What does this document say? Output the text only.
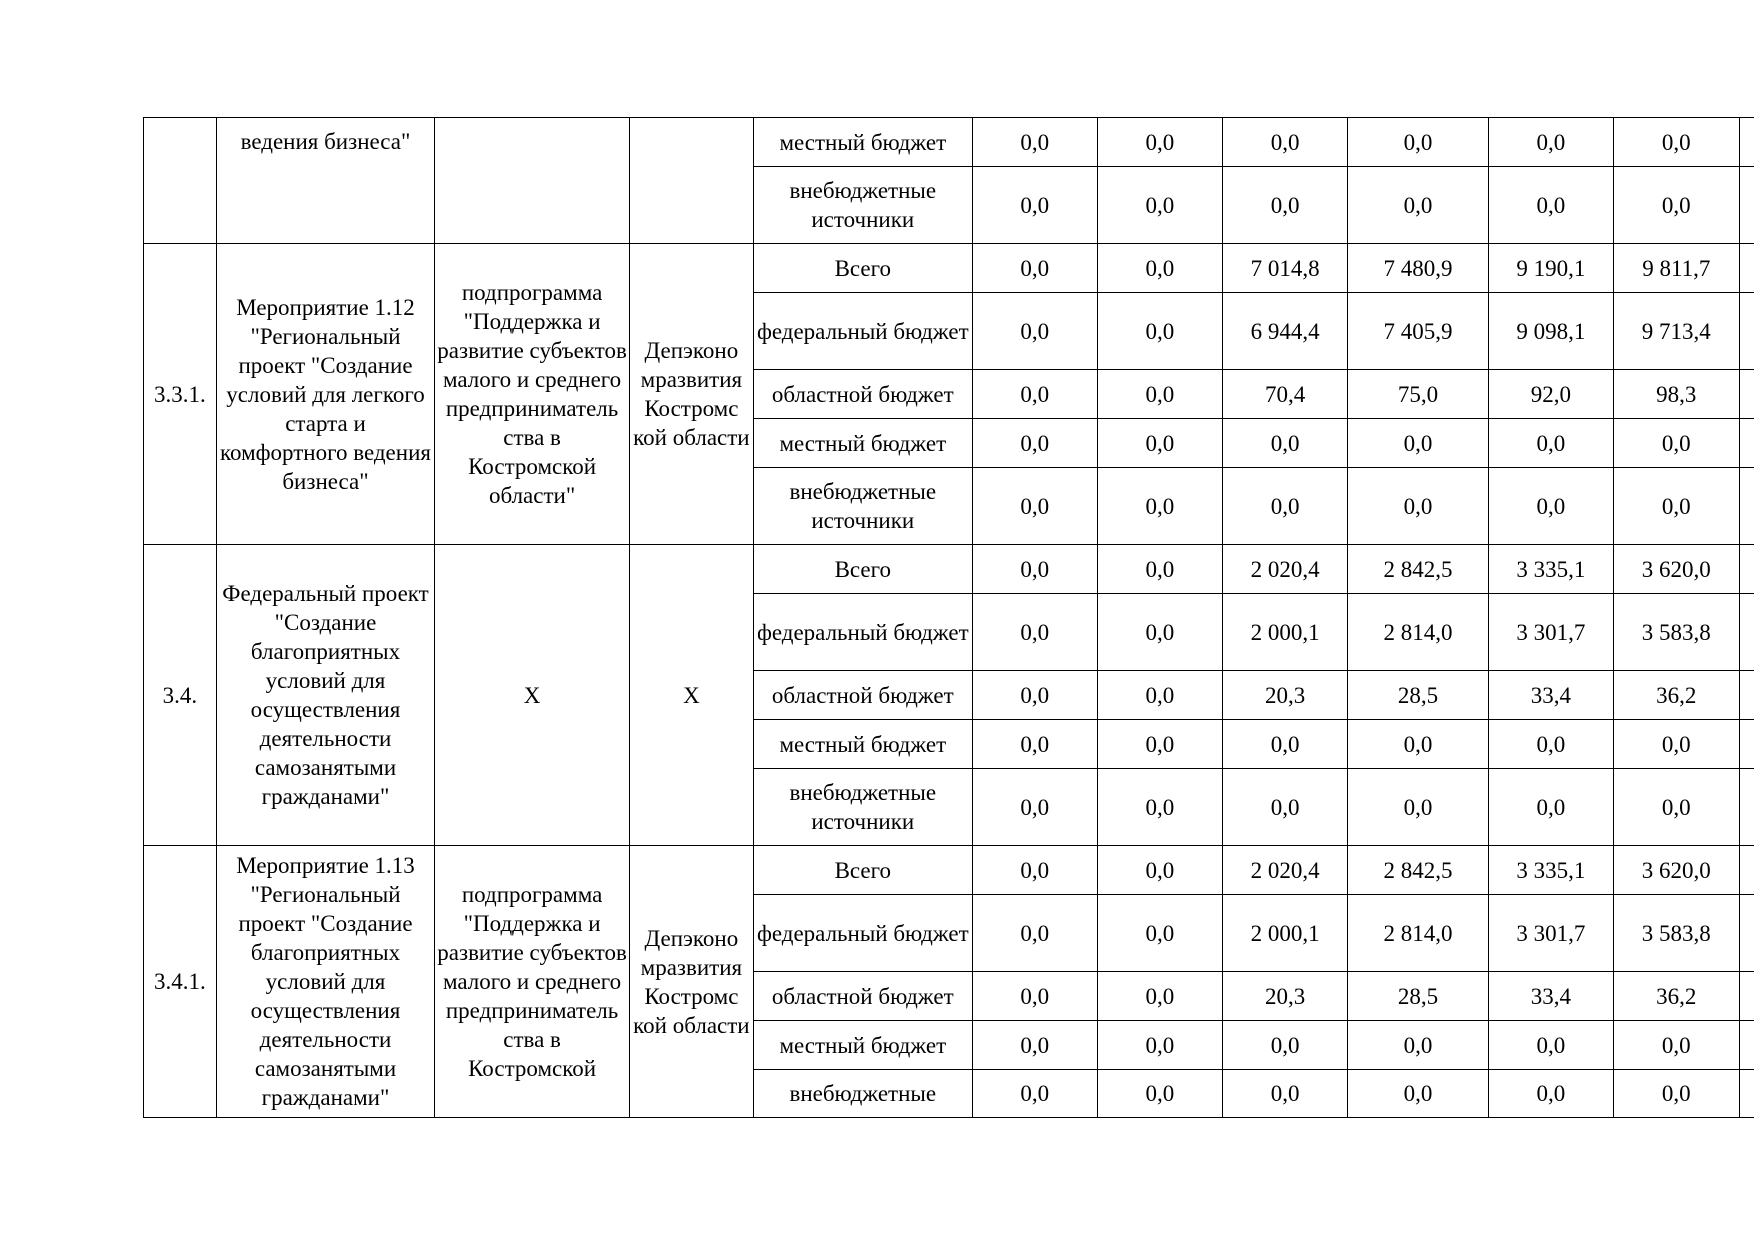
	ведения бизнеса"			местный бюджет	0,0	0,0	0,0	0,0	0,0	0,0	
				внебюджетные источники	0,0	0,0	0,0	0,0	0,0	0,0	
3.3.1.	Мероприятие 1.12 "Региональный проект "Создание условий для легкого старта и комфортного ведения бизнеса"	подпрограмма "Поддержка и развитие субъектов малого и среднего предприниматель ства в Костромской области"	Депэконо мразвития Костромс кой области	Всего	0,0	0,0	7 014,8	7 480,9	9 190,1	9 811,7	
				федеральный бюджет	0,0	0,0	6 944,4	7 405,9	9 098,1	9 713,4	
				областной бюджет	0,0	0,0	70,4	75,0	92,0	98,3	
				местный бюджет	0,0	0,0	0,0	0,0	0,0	0,0	
				внебюджетные источники	0,0	0,0	0,0	0,0	0,0	0,0	
3.4.	Федеральный проект "Создание благоприятных условий для осуществления деятельности самозанятыми гражданами"	X	X	Всего	0,0	0,0	2 020,4	2 842,5	3 335,1	3 620,0	
				федеральный бюджет	0,0	0,0	2 000,1	2 814,0	3 301,7	3 583,8	
				областной бюджет	0,0	0,0	20,3	28,5	33,4	36,2	
				местный бюджет	0,0	0,0	0,0	0,0	0,0	0,0	
				внебюджетные источники	0,0	0,0	0,0	0,0	0,0	0,0	
3.4.1.	Мероприятие 1.13 "Региональный проект "Создание благоприятных условий для осуществления деятельности самозанятыми гражданами"	подпрограмма "Поддержка и развитие субъектов малого и среднего предприниматель ства в Костромской	Депэконо мразвития Костромс кой области	Всего	0,0	0,0	2 020,4	2 842,5	3 335,1	3 620,0	
				федеральный бюджет	0,0	0,0	2 000,1	2 814,0	3 301,7	3 583,8	
				областной бюджет	0,0	0,0	20,3	28,5	33,4	36,2	
				местный бюджет	0,0	0,0	0,0	0,0	0,0	0,0	
				внебюджетные	0,0	0,0	0,0	0,0	0,0	0,0	
